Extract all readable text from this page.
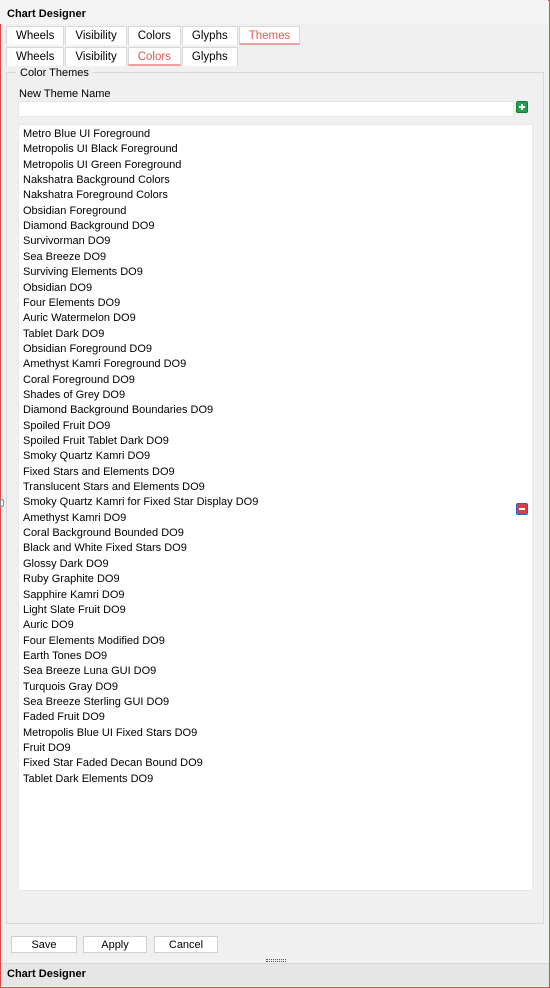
Chart Designer
Wheels	Visibility	Colors	Glyphs	Themes
Wheels	Visibility	Colors	Glyphs
Color Themes
New Theme Name
Metro Blue UI Foreground
Metropolis UI Black Foreground
Metropolis UI Green Foreground
Nakshatra Background Colors
Nakshatra Foreground Colors
Obsidian Foreground
Diamond Background DO9
Survivorman DO9
Sea Breeze DO9
Surviving Elements DO9
Obsidian DO9
Four Elements DO9
Auric Watermelon DO9
Tablet Dark DO9
Obsidian Foreground DO9
Amethyst Kamri Foreground DO9
Coral Foreground DO9
Shades of Grey DO9
Diamond Background Boundaries DO9
Spoiled Fruit DO9
Spoiled Fruit Tablet Dark DO9
Smoky Quartz Kamri DO9
Fixed Stars and Elements DO9
Translucent Stars and Elements DO9
Smoky Quartz Kamri for Fixed Star Display DO9
Amethyst Kamri DO9
Coral Background Bounded DO9
Black and White Fixed Stars DO9
Glossy Dark DO9
Ruby Graphite DO9
Sapphire Kamri DO9
Light Slate Fruit DO9
Auric DO9
Four Elements Modified DO9
Earth Tones DO9
Sea Breeze Luna GUI DO9
Turquois Gray DO9
Sea Breeze Sterling GUI DO9
Faded Fruit DO9
Metropolis Blue UI Fixed Stars DO9
Fruit DO9
Fixed Star Faded Decan Bound DO9
Tablet Dark Elements DO9
Save	Apply	Cancel
Chart Designer
